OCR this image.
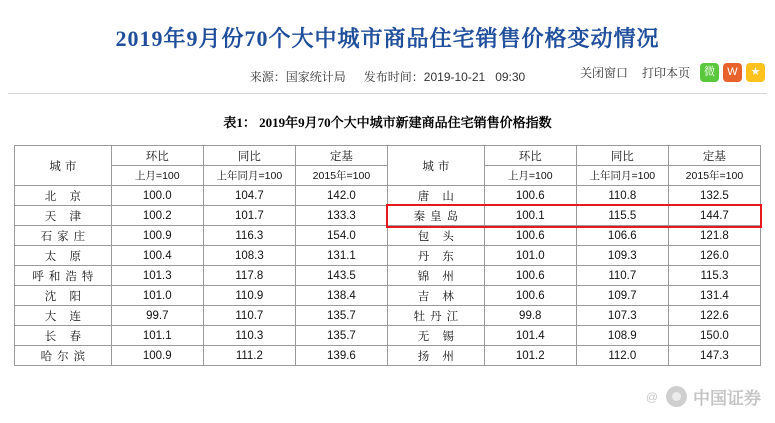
2019年9月份70个大中城市商品住宅销售价格变动情况
来源：国家统计局 发布时间：2019-10-21 09:30	关闭窗口 打印本页	微	W	★
表1： 2019年9月70个大中城市新建商品住宅销售价格指数
城市	环比	同比	定基	城市	环比	同比	定基
	上月=100	上年同月=100	2015年=100		上月=100	上年同月=100	2015年=100
北 京	100.0	104.7	142.0	唐 山	100.6	110.8	132.5
天 津	100.2	101.7	133.3	秦皇岛	100.1	115.5	144.7
石家庄	100.9	116.3	154.0	包 头	100.6	106.6	121.8
太 原	100.4	108.3	131.1	丹 东	101.0	109.3	126.0
呼和浩特	101.3	117.8	143.5	锦 州	100.6	110.7	115.3
沈 阳	101.0	110.9	138.4	吉 林	100.6	109.7	131.4
大 连	99.7	110.7	135.7	牡丹江	99.8	107.3	122.6
长 春	101.1	110.3	135.7	无 锡	101.4	108.9	150.0
哈尔滨	100.9	111.2	139.6	扬 州	101.2	112.0	147.3
@ 中国证券
